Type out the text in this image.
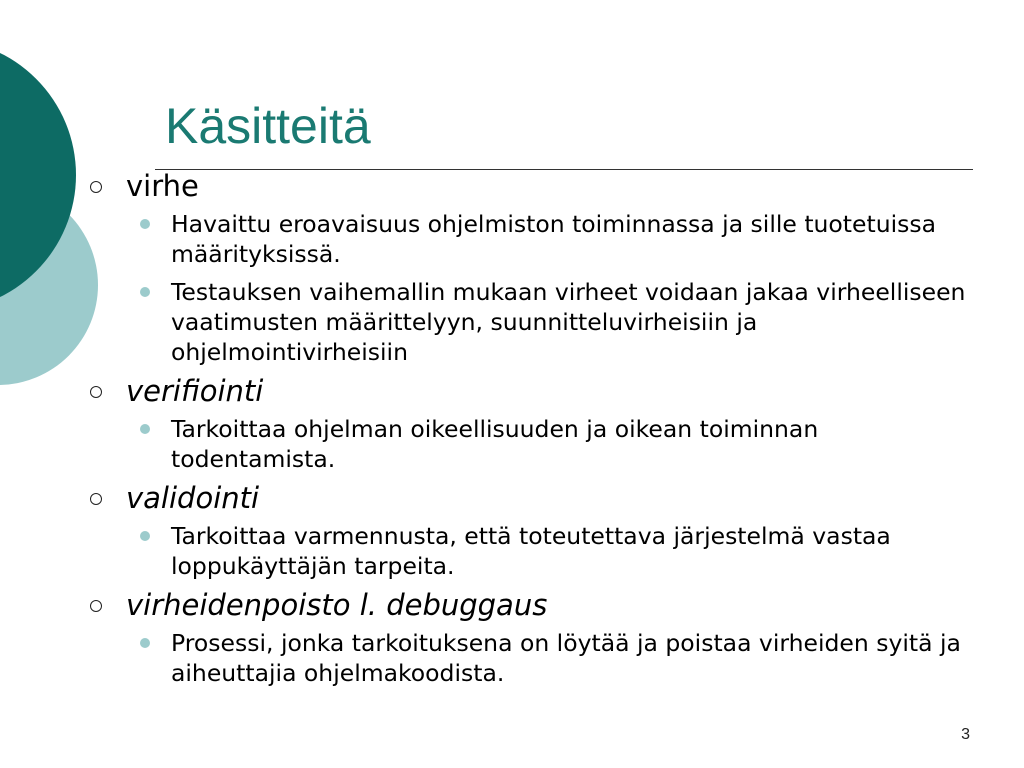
Käsitteitä
virhe
Havaittu eroavaisuus ohjelmiston toiminnassa ja sille tuotetuissa määrityksissä.
Testauksen vaihemallin mukaan virheet voidaan jakaa virheelliseen vaatimusten määrittelyyn, suunnitteluvirheisiin ja ohjelmointivirheisiin
verifiointi
Tarkoittaa ohjelman oikeellisuuden ja oikean toiminnan todentamista.
validointi
Tarkoittaa varmennusta, että toteutettava järjestelmä vastaa loppukäyttäjän tarpeita.
virheidenpoisto l. debuggaus
Prosessi, jonka tarkoituksena on löytää ja poistaa virheiden syitä ja aiheuttajia ohjelmakoodista.
3
